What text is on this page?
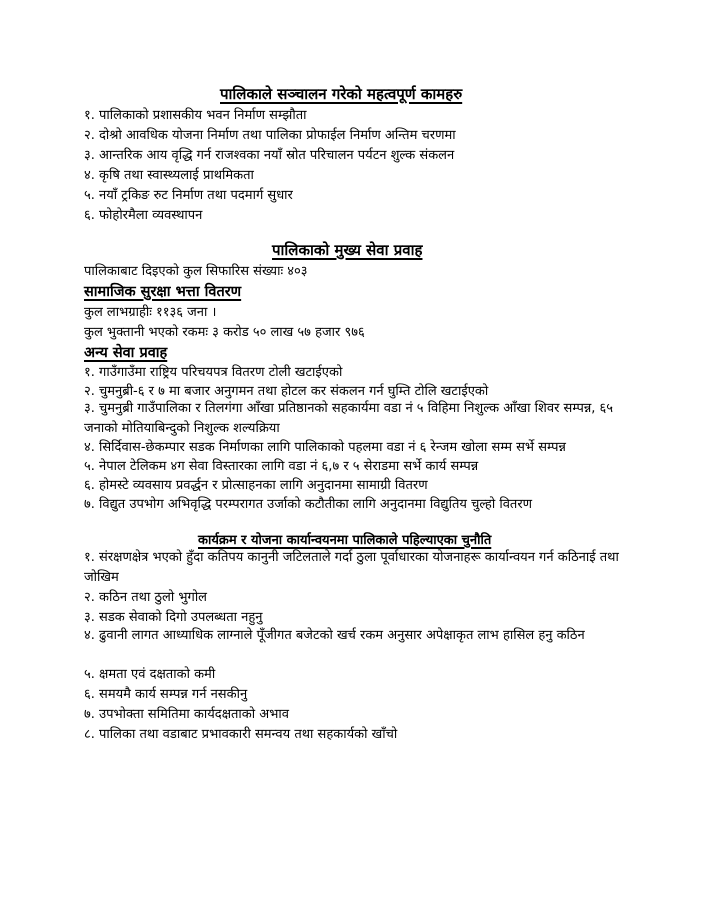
पालिकाले सञ्चालन गरेको महत्वपूर्ण कामहरु
१. पालिकाको प्रशासकीय भवन निर्माण सम्झौता
२. दोश्रो आवधिक योजना निर्माण तथा पालिका प्रोफाईल निर्माण अन्तिम चरणमा
३. आन्तरिक आय वृद्धि गर्न राजश्वका नयाँ स्रोत परिचालन पर्यटन शुल्क संकलन
४. कृषि तथा स्वास्थ्यलाई प्राथमिकता
५. नयाँ ट्रकिङ रुट निर्माण तथा पदमार्ग सुधार
६. फोहोरमैला व्यवस्थापन
पालिकाको मुख्य सेवा प्रवाह
पालिकाबाट दिइएको कुल सिफारिस संख्याः ४०३
सामाजिक सुरक्षा भत्ता वितरण
कुल लाभग्राहीः ११३६ जना ।
कुल भुक्तानी भएको रकमः ३ करोड ५० लाख ५७ हजार ९७६
अन्य सेवा प्रवाह
१. गाउँगाउँमा राष्ट्रिय परिचयपत्र वितरण टोली खटाईएको
२. चुमनुब्री-६ र ७ मा बजार अनुगमन तथा होटल कर संकलन गर्न घुम्ति टोलि खटाईएको
३. चुमनुब्री गाउँपालिका र तिलगंगा आँखा प्रतिष्ठानको सहकार्यमा वडा नं ५ विहिमा निशुल्क आँखा शिवर सम्पन्न, ६५ जनाको मोतियाबिन्दुको निशुल्क शल्यक्रिया
४. सिर्दिवास-छेकम्पार सडक निर्माणका लागि पालिकाको पहलमा वडा नं ६ रेन्जम खोला सम्म सर्भे सम्पन्न
५. नेपाल टेलिकम ४ग सेवा विस्तारका लागि वडा नं ६,७ र ५ सेराडमा सर्भे कार्य सम्पन्न
६. होमस्टे व्यवसाय प्रवर्द्धन र प्रोत्साहनका लागि अनुदानमा सामाग्री वितरण
७. विद्युत उपभोग अभिवृद्धि परम्परागत उर्जाको कटौतीका लागि अनुदानमा विद्युतिय चुल्हो वितरण
कार्यक्रम र योजना कार्यान्वयनमा पालिकाले पहिल्याएका चुनौति
१. संरक्षणक्षेत्र भएको हुँदा कतिपय कानुनी जटिलताले गर्दा ठुला पूर्वाधारका योजनाहरू कार्यान्वयन गर्न कठिनाई तथा जोखिम
२. कठिन तथा ठुलो भुगोल
३. सडक सेवाको दिगो उपलब्धता नहुनु
४. ढुवानी लागत आध्याधिक लाग्नाले पूँजीगत बजेटको खर्च रकम अनुसार अपेक्षाकृत लाभ हासिल हनु कठिन
५. क्षमता एवं दक्षताको कमी
६. समयमै कार्य सम्पन्न गर्न नसकीनु
७. उपभोक्ता समितिमा कार्यदक्षताको अभाव
८. पालिका तथा वडाबाट प्रभावकारी समन्वय तथा सहकार्यको खाँचो
